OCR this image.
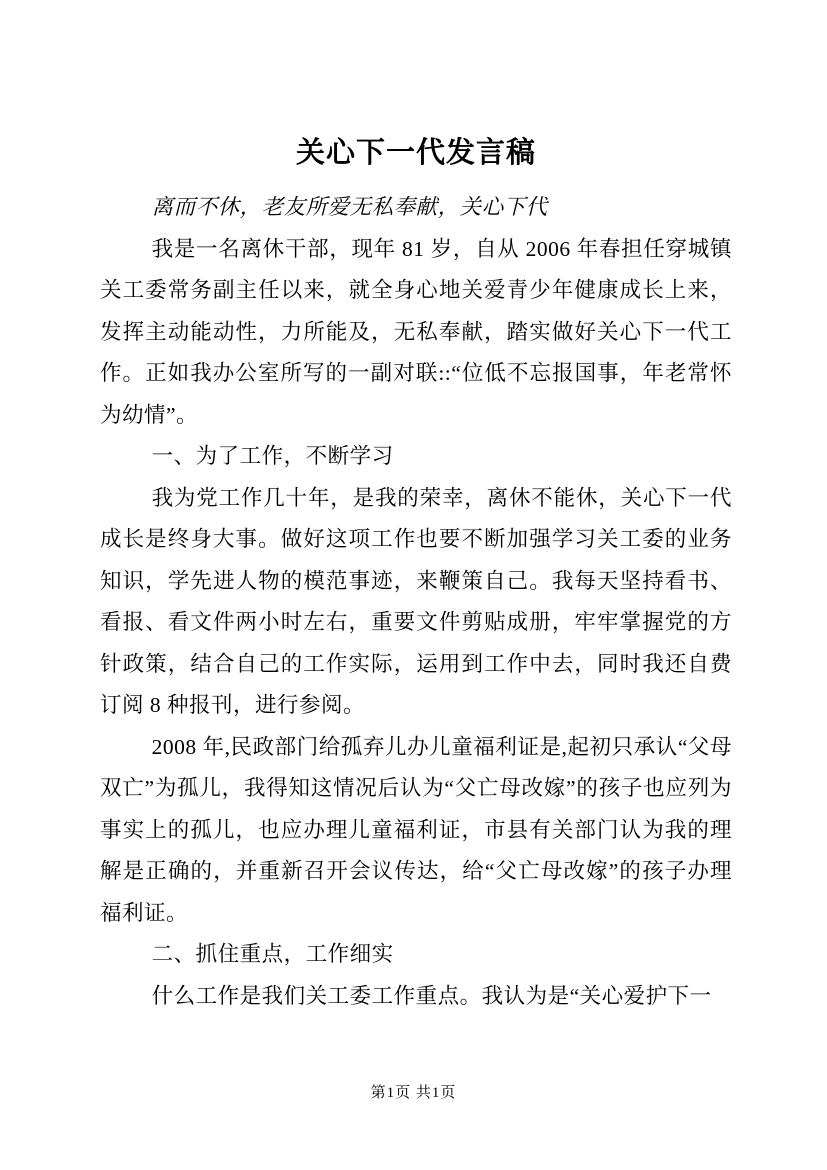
关心下一代发言稿

离而不休，老友所爱无私奉献，关心下代

我是一名离休干部，现年 81 岁，自从 2006 年春担任穿城镇关工委常务副主任以来，就全身心地关爱青少年健康成长上来，发挥主动能动性，力所能及，无私奉献，踏实做好关心下一代工作。正如我办公室所写的一副对联::“位低不忘报国事，年老常怀为幼情”。

一、为了工作，不断学习

我为党工作几十年，是我的荣幸，离休不能休，关心下一代成长是终身大事。做好这项工作也要不断加强学习关工委的业务知识，学先进人物的模范事迹，来鞭策自己。我每天坚持看书、看报、看文件两小时左右，重要文件剪贴成册，牢牢掌握党的方针政策，结合自己的工作实际，运用到工作中去，同时我还自费订阅 8 种报刊，进行参阅。

2008 年,民政部门给孤弃儿办儿童福利证是,起初只承认“父母双亡”为孤儿，我得知这情况后认为“父亡母改嫁”的孩子也应列为事实上的孤儿，也应办理儿童福利证，市县有关部门认为我的理解是正确的，并重新召开会议传达，给“父亡母改嫁”的孩子办理福利证。

二、抓住重点，工作细实

什么工作是我们关工委工作重点。我认为是“关心爱护下一

第1页 共1页
